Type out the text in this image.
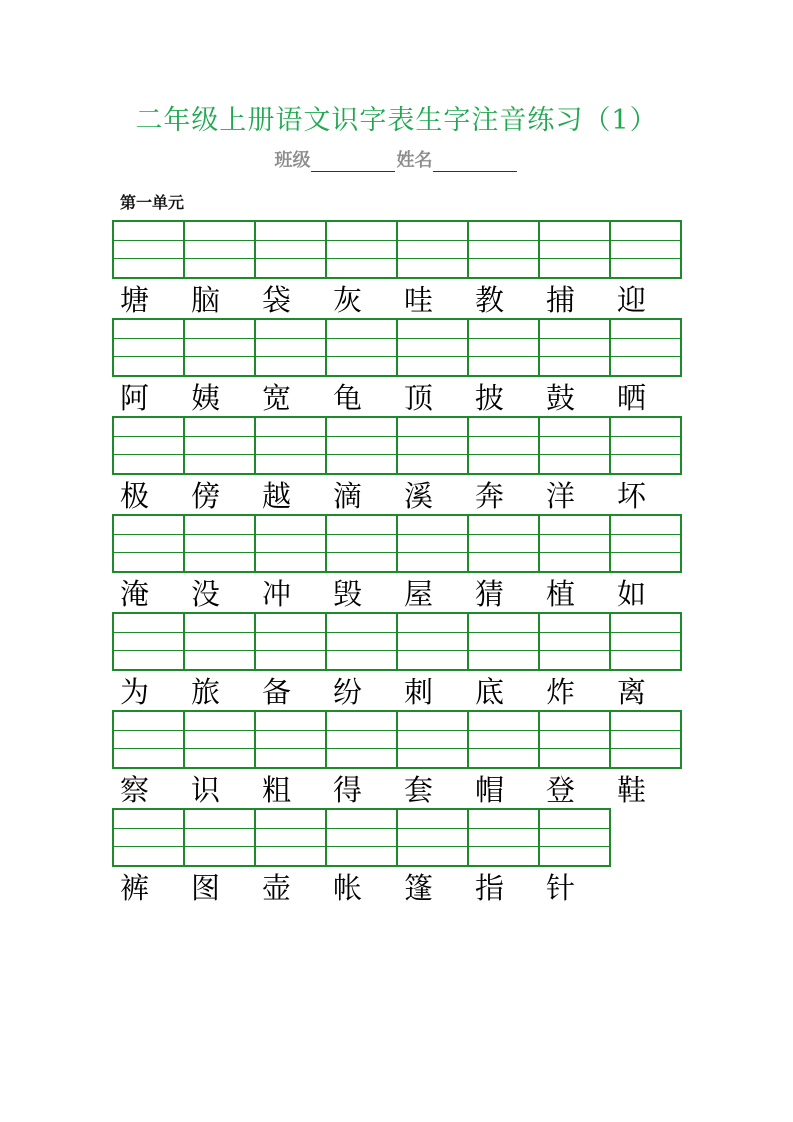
二年级上册语文识字表生字注音练习（1）
班级	姓名
第一单元
塘	脑	袋	灰	哇	教	捕	迎
阿	姨	宽	龟	顶	披	鼓	晒
极	傍	越	滴	溪	奔	洋	坏
淹	没	冲	毁	屋	猜	植	如
为	旅	备	纷	刺	底	炸	离
察	识	粗	得	套	帽	登	鞋
裤	图	壶	帐	篷	指	针
